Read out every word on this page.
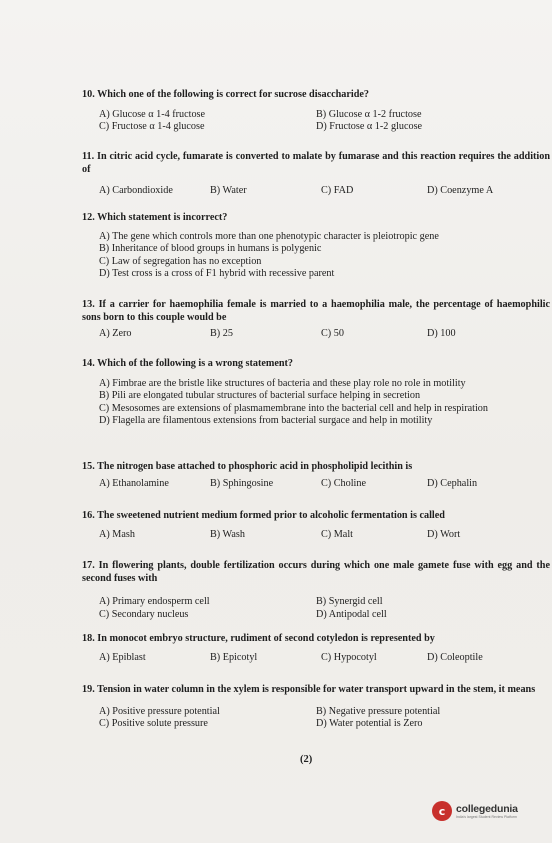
10. Which one of the following is correct for sucrose disaccharide?
A) Glucose α 1-4 fructose	B) Glucose α 1-2 fructose
C) Fructose α 1-4 glucose	D) Fructose α 1-2 glucose
11. In citric acid cycle, fumarate is converted to malate by fumarase and this reaction requires the addition of
A) Carbondioxide	B) Water	C) FAD	D) Coenzyme A
12. Which statement is incorrect?
A) The gene which controls more than one phenotypic character is pleiotropic gene
B) Inheritance of blood groups in humans is polygenic
C) Law of segregation has no exception
D) Test cross is a cross of F1 hybrid with recessive parent
13. If a carrier for haemophilia female is married to a haemophilia male, the percentage of haemophilic sons born to this couple would be
A) Zero	B) 25	C) 50	D) 100
14. Which of the following is a wrong statement?
A) Fimbrae are the bristle like structures of bacteria and these play role no role in motility
B) Pili are elongated tubular structures of bacterial surface helping in secretion
C) Mesosomes are extensions of plasmamembrane into the bacterial cell and help in respiration
D) Flagella are filamentous extensions from bacterial surgace and help in motility
15. The nitrogen base attached to phosphoric acid in phospholipid lecithin is
A) Ethanolamine	B) Sphingosine	C) Choline	D) Cephalin
16. The sweetened nutrient medium formed prior to alcoholic fermentation is called
A) Mash	B) Wash	C) Malt	D) Wort
17. In flowering plants, double fertilization occurs during which one male gamete fuse with egg and the second fuses with
A) Primary endosperm cell	B) Synergid cell
C) Secondary nucleus	D) Antipodal cell
18. In monocot embryo structure, rudiment of second cotyledon is represented by
A) Epiblast	B) Epicotyl	C) Hypocotyl	D) Coleoptile
19. Tension in water column in the xylem is responsible for water transport upward in the stem, it means
A) Positive pressure potential	B) Negative pressure potential
C) Positive solute pressure	D) Water potential is Zero
(2)
c collegedunia
India's largest Student Review Platform
